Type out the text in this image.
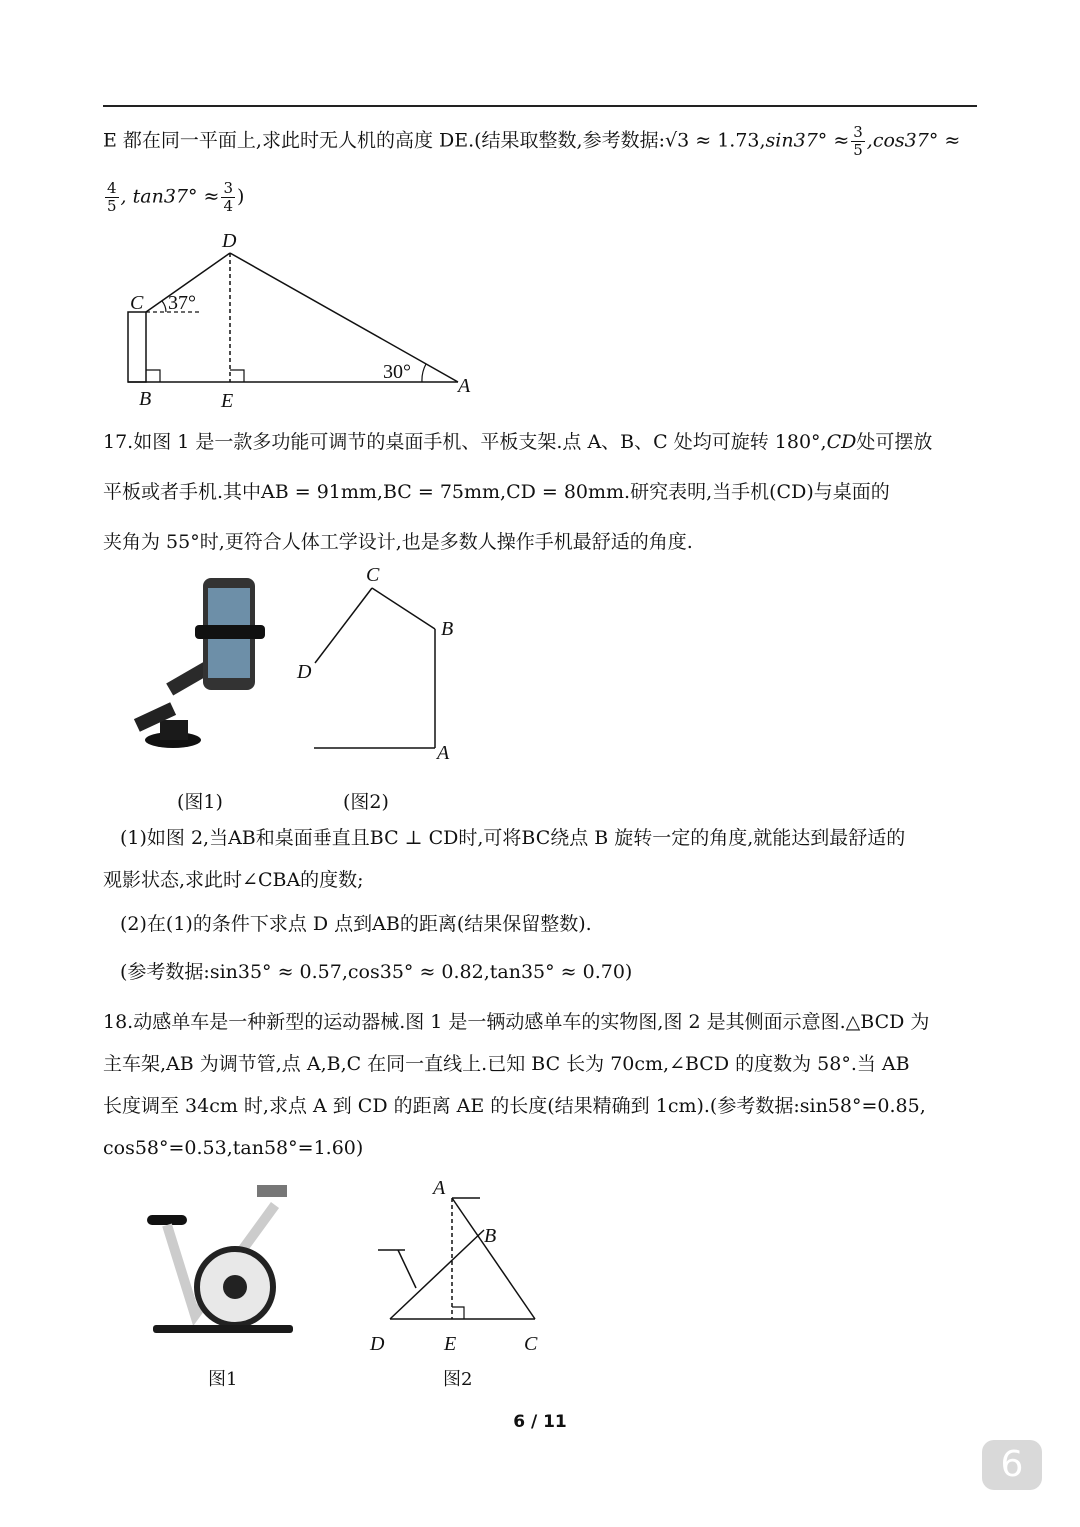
E 都在同一平面上,求此时无人机的高度 DE.(结果取整数,参考数据:√3 ≈ $1.73,\sin 37^\circ \approx \frac{3}{5} ,\cos 37^\circ$ ≈
$\frac{4}{5}$ , $\tan 37^\circ \approx \frac{3}{4}$ )
D
C 37°
B	E
30°
A
17.如图 1 是一款多功能可调节的桌面手机、平板支架.点 A、B、C 处均可旋转 180°,CD处可摆放
平板或者手机.其中AB = 91mm,BC = 75mm,CD = 80mm.研究表明,当手机(CD)与桌面的
夹角为 55°时,更符合人体工学设计,也是多数人操作手机最舒适的角度.
C
B
D
A
(图1)	(图2)
(1)如图 2,当AB和桌面垂直且BC ⊥ CD时,可将BC绕点 B 旋转一定的角度,就能达到最舒适的
观影状态,求此时∠CBA的度数;
(2)在(1)的条件下求点 D 点到AB的距离(结果保留整数).
(参考数据:sin35° ≈ 0.57,cos35° ≈ 0.82,tan35° ≈ 0.70)
18.动感单车是一种新型的运动器械.图 1 是一辆动感单车的实物图,图 2 是其侧面示意图.△BCD 为
主车架,AB 为调节管,点 A,B,C 在同一直线上.已知 BC 长为 70cm,∠BCD 的度数为 58°.当 AB
长度调至 34cm 时,求点 A 到 CD 的距离 AE 的长度(结果精确到 1cm).(参考数据:sin58°=0.85,
cos58°=0.53,tan58°=1.60)
A
B
D	E	C
图1	图2
6 / 11
6
